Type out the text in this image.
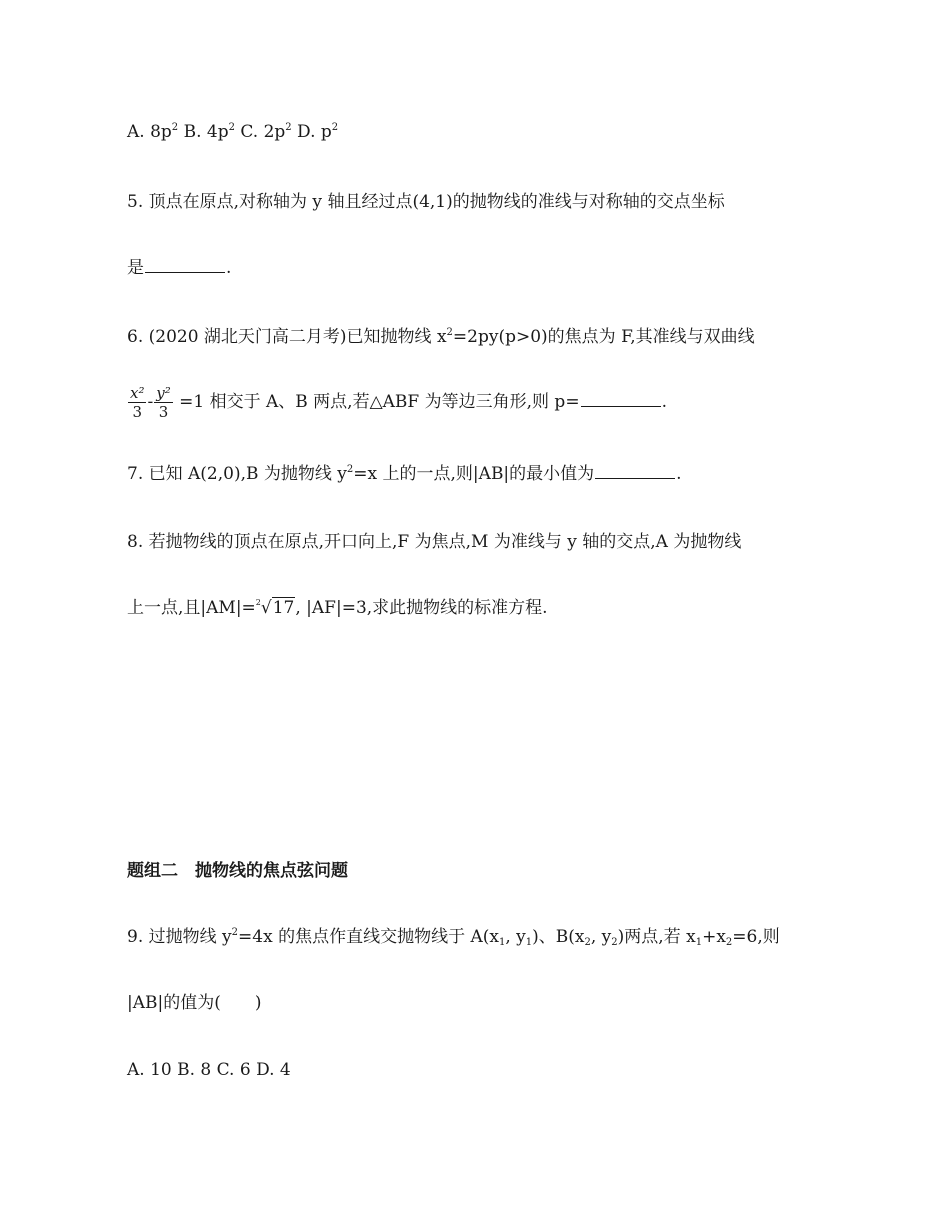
A. $8p^2$ B. $4p^2$ C. $2p^2$ D. $p^2$
5. 顶点在原点,对称轴为 y 轴且经过点(4,1)的抛物线的准线与对称轴的交点坐标
是	.
6. (2020 湖北天门高二月考)已知抛物线 $x^2=2py(p>0)$的焦点为 F,其准线与双曲线
$\frac{\text{x²}}{3} - \frac{\text{y²}}{3} =1$ 相交于 A、B 两点,若△ABF 为等边三角形,则 p=	.
7. 已知 A(2,0),B 为抛物线 $y^2=x$ 上的一点,则|AB|的最小值为	.
8. 若抛物线的顶点在原点,开口向上,F 为焦点,M 为准线与 y 轴的交点,A 为抛物线
上一点,且|AM|=$^2$√17, |AF|=3,求此抛物线的标准方程.
题组二　抛物线的焦点弦问题
9. 过抛物线 $y^2=4x$ 的焦点作直线交抛物线于 $A(x_1$, $y_1$)、$B(x_2$, $y_2$)两点,若 $x_1+x_2=6$,则
|AB|的值为(　　)
A. 10 B. 8 C. 6 D. 4
